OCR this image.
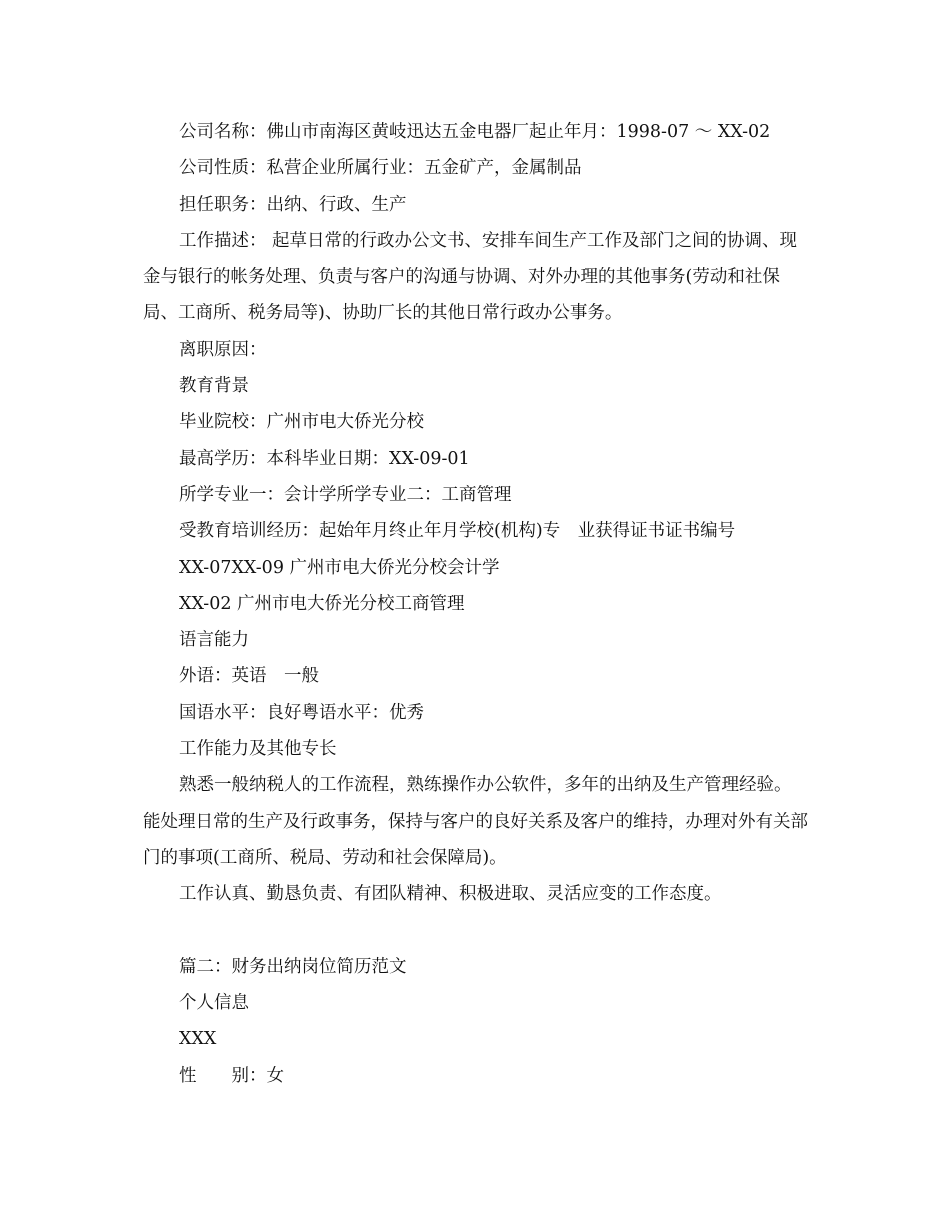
公司名称：佛山市南海区黄岐迅达五金电器厂起止年月：1998-07 ～ XX-02

公司性质：私营企业所属行业：五金矿产，金属制品

担任职务：出纳、行政、生产

工作描述： 起草日常的行政办公文书、安排车间生产工作及部门之间的协调、现金与银行的帐务处理、负责与客户的沟通与协调、对外办理的其他事务(劳动和社保局、工商所、税务局等)、协助厂长的其他日常行政办公事务。

离职原因：

教育背景

毕业院校：广州市电大侨光分校

最高学历：本科毕业日期：XX-09-01

所学专业一：会计学所学专业二：工商管理

受教育培训经历：起始年月终止年月学校(机构)专　业获得证书证书编号

XX-07XX-09 广州市电大侨光分校会计学

XX-02 广州市电大侨光分校工商管理

语言能力

外语：英语　一般

国语水平：良好粤语水平：优秀

工作能力及其他专长

熟悉一般纳税人的工作流程，熟练操作办公软件，多年的出纳及生产管理经验。能处理日常的生产及行政事务，保持与客户的良好关系及客户的维持，办理对外有关部门的事项(工商所、税局、劳动和社会保障局)。

工作认真、勤恳负责、有团队精神、积极进取、灵活应变的工作态度。

篇二：财务出纳岗位简历范文

个人信息

XXX

性　　别：女
